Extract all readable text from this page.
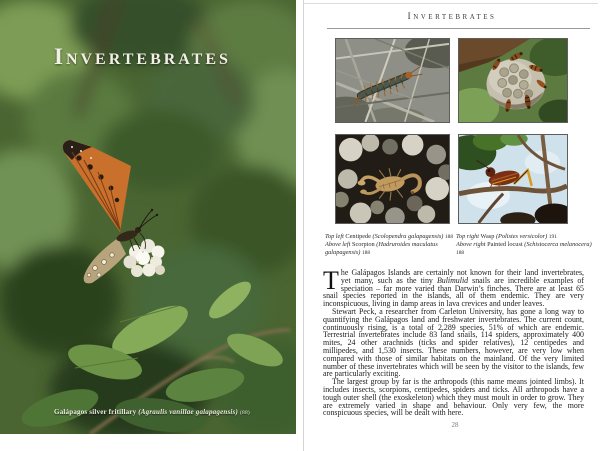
Invertebrates
Galápagos silver fritillary (Agraulis vanillae galapagensis) (88)
Invertebrates
Top left Centipede (Scolopendra galapagensis) 188
Above left Scorpion (Hadruroides maculatus galapagensis) 188
Top right Wasp (Polistes versicolor) 191
Above right Painted locust (Schistocerca melanocera) 188

The Galápagos Islands are certainly not known for their land invertebrates, yet many, such as the tiny Bulimulid snails are incredible examples of speciation – far more varied than Darwin’s finches. There are at least 65 snail species reported in the islands, all of them endemic. They are very inconspicuous, living in damp areas in lava crevices and under leaves.

Stewart Peck, a researcher from Carleton University, has gone a long way to quantifying the Galápagos land and freshwater invertebrates. The current count, continuously rising, is a total of 2,289 species, 51% of which are endemic. Terrestrial invertebrates include 83 land snails, 114 spiders, approximately 400 mites, 24 other arachnids (ticks and spider relatives), 12 centipedes and millipedes, and 1,530 insects. These numbers, however, are very low when compared with those of similar habitats on the mainland. Of the very limited number of these invertebrates which will be seen by the visitor to the islands, few are particularly exciting.

The largest group by far is the arthropods (this name means jointed limbs). It includes insects, scorpions, centipedes, spiders and ticks. All arthropods have a tough outer shell (the exoskeleton) which they must moult in order to grow. They are extremely varied in shape and behaviour. Only very few, the more conspicuous species, will be dealt with here.

28
